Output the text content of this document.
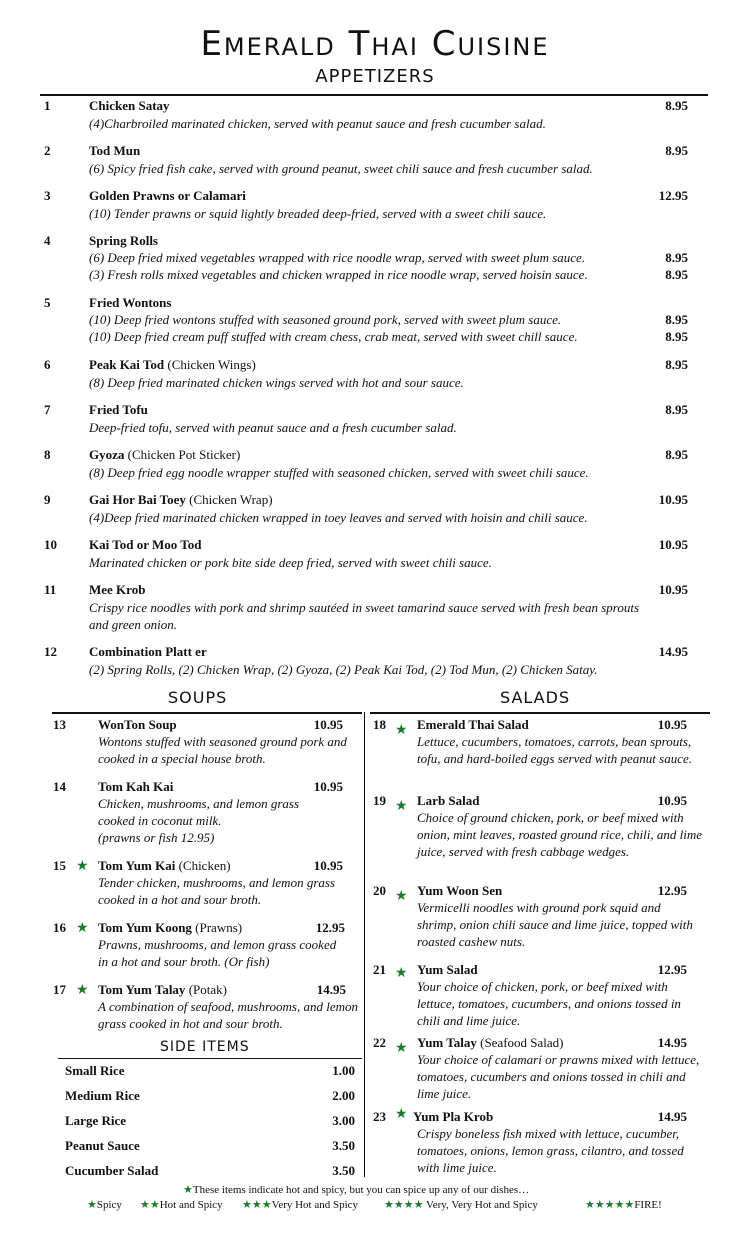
Emerald Thai Cuisine
APPETIZERS
1	Chicken Satay	8.95
(4)Charbroiled marinated chicken, served with peanut sauce and fresh cucumber salad.
2	Tod Mun	8.95
(6) Spicy fried fish cake, served with ground peanut, sweet chili sauce and fresh cucumber salad.
3	Golden Prawns or Calamari	12.95
(10) Tender prawns or squid lightly breaded deep-fried, served with a sweet chili sauce.
4	Spring Rolls
(6) Deep fried mixed vegetables wrapped with rice noodle wrap, served with sweet plum sauce.	8.95
(3) Fresh rolls mixed vegetables and chicken wrapped in rice noodle wrap, served hoisin sauce.	8.95
5	Fried Wontons
(10) Deep fried wontons stuffed with seasoned ground pork, served with sweet plum sauce.	8.95
(10) Deep fried cream puff stuffed with cream chess, crab meat, served with sweet chill sauce.	8.95
6	Peak Kai Tod (Chicken Wings)	8.95
(8) Deep fried marinated chicken wings served with hot and sour sauce.
7	Fried Tofu	8.95
Deep-fried tofu, served with peanut sauce and a fresh cucumber salad.
8	Gyoza (Chicken Pot Sticker)	8.95
(8) Deep fried egg noodle wrapper stuffed with seasoned chicken, served with sweet chili sauce.
9	Gai Hor Bai Toey (Chicken Wrap)	10.95
(4)Deep fried marinated chicken wrapped in toey leaves and served with hoisin and chili sauce.
10 Kai Tod or Moo Tod	10.95
Marinated chicken or pork bite side deep fried, served with sweet chili sauce.
11	Mee Krob	10.95
Crispy rice noodles with pork and shrimp sautéed in sweet tamarind sauce served with fresh bean sprouts and green onion.
12 Combination Platt er	14.95
(2) Spring Rolls, (2) Chicken Wrap, (2) Gyoza, (2) Peak Kai Tod, (2) Tod Mun, (2) Chicken Satay.
SOUPS	SALADS
13 WonTon Soup	10.95
Wontons stuffed with seasoned ground pork and cooked in a special house broth.
14 Tom Kah Kai	10.95
Chicken, mushrooms, and lemon grass cooked in coconut milk.
(prawns or fish 12.95)
15 ★ Tom Yum Kai (Chicken)	10.95
Tender chicken, mushrooms, and lemon grass cooked in a hot and sour broth.
16 ★ Tom Yum Koong (Prawns)	12.95
Prawns, mushrooms, and lemon grass cooked in a hot and sour broth. (Or fish)
17 ★ Tom Yum Talay (Potak)	14.95
A combination of seafood, mushrooms, and lemon grass cooked in hot and sour broth.
SIDE ITEMS
Small Rice	1.00
Medium Rice	2.00
Large Rice	3.00
Peanut Sauce	3.50
Cucumber Salad	3.50
18 ★ Emerald Thai Salad	10.95
Lettuce, cucumbers, tomatoes, carrots, bean sprouts, tofu, and hard-boiled eggs served with peanut sauce.
19 ★ Larb Salad	10.95
Choice of ground chicken, pork, or beef mixed with onion, mint leaves, roasted ground rice, chili, and lime juice, served with fresh cabbage wedges.
20 ★ Yum Woon Sen	12.95
Vermicelli noodles with ground pork squid and shrimp, onion chili sauce and lime juice, topped with roasted cashew nuts.
21 ★ Yum Salad	12.95
Your choice of chicken, pork, or beef mixed with lettuce, tomatoes, cucumbers, and onions tossed in chili and lime juice.
22 ★ Yum Talay (Seafood Salad)	14.95
Your choice of calamari or prawns mixed with lettuce, tomatoes, cucumbers and onions tossed in chili and lime juice.
23 ★ Yum Pla Krob	14.95
Crispy boneless fish mixed with lettuce, cucumber, tomatoes, onions, lemon grass, cilantro, and tossed with lime juice.
★These items indicate hot and spicy, but you can spice up any of our dishes…
★Spicy ★★Hot and Spicy ★★★Very Hot and Spicy ★★★★ Very, Very Hot and Spicy	★★★★★FIRE!
